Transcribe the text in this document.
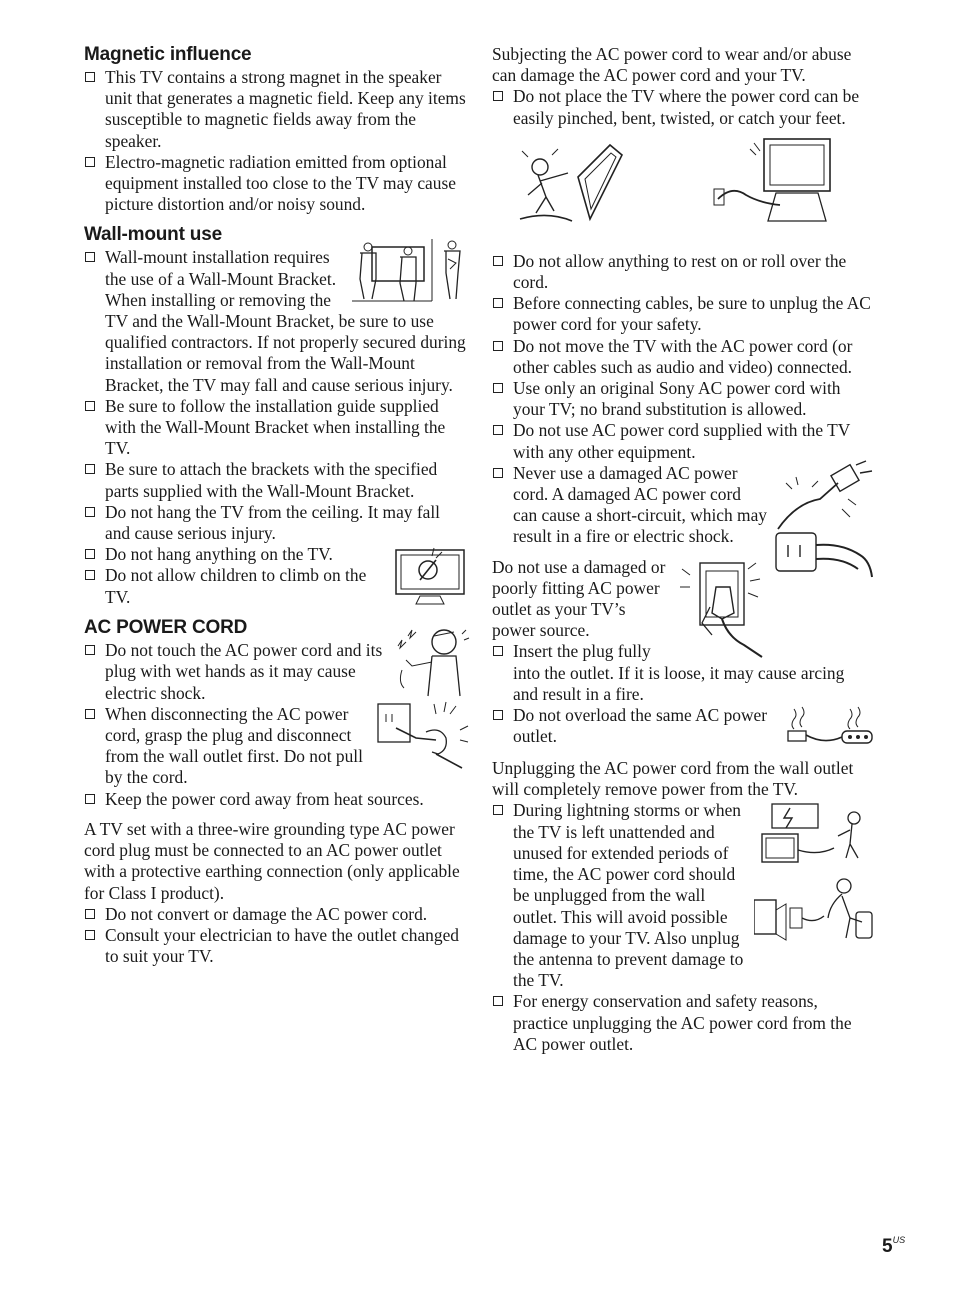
Magnetic influence

This TV contains a strong magnet in the speaker unit that generates a magnetic field. Keep any items susceptible to magnetic fields away from the speaker.

Electro-magnetic radiation emitted from optional equipment installed too close to the TV may cause picture distortion and/or noisy sound.

Wall-mount use

Wall-mount installation requires the use of a Wall-Mount Bracket. When installing or removing the TV and the Wall-Mount Bracket, be sure to use qualified contractors. If not properly secured during installation or removal from the Wall-Mount Bracket, the TV may fall and cause serious injury.

Be sure to follow the installation guide supplied with the Wall-Mount Bracket when installing the TV.

Be sure to attach the brackets with the specified parts supplied with the Wall-Mount Bracket.

Do not hang the TV from the ceiling. It may fall and cause serious injury.

Do not hang anything on the TV.

Do not allow children to climb on the TV.

AC POWER CORD

Do not touch the AC power cord and its plug with wet hands as it may cause electric shock.

When disconnecting the AC power cord, grasp the plug and disconnect from the wall outlet first. Do not pull by the cord.

Keep the power cord away from heat sources.

A TV set with a three-wire grounding type AC power cord plug must be connected to an AC power outlet with a protective earthing connection (only applicable for Class I product).

Do not convert or damage the AC power cord.

Consult your electrician to have the outlet changed to suit your TV.

Subjecting the AC power cord to wear and/or abuse can damage the AC power cord and your TV.

Do not place the TV where the power cord can be easily pinched, bent, twisted, or catch your feet.

Do not allow anything to rest on or roll over the cord.

Before connecting cables, be sure to unplug the AC power cord for your safety.

Do not move the TV with the AC power cord (or other cables such as audio and video) connected.

Use only an original Sony AC power cord with your TV; no brand substitution is allowed.

Do not use AC power cord supplied with the TV with any other equipment.

Never use a damaged AC power cord. A damaged AC power cord can cause a short-circuit, which may result in a fire or electric shock.

Do not use a damaged or poorly fitting AC power outlet as your TV’s power source.

Insert the plug fully into the outlet. If it is loose, it may cause arcing and result in a fire.

Do not overload the same AC power outlet.

Unplugging the AC power cord from the wall outlet will completely remove power from the TV.

During lightning storms or when the TV is left unattended and unused for extended periods of time, the AC power cord should be unplugged from the wall outlet. This will avoid possible damage to your TV. Also unplug the antenna to prevent damage to the TV.

For energy conservation and safety reasons, practice unplugging the AC power cord from the AC power outlet.

$5^{US}$
